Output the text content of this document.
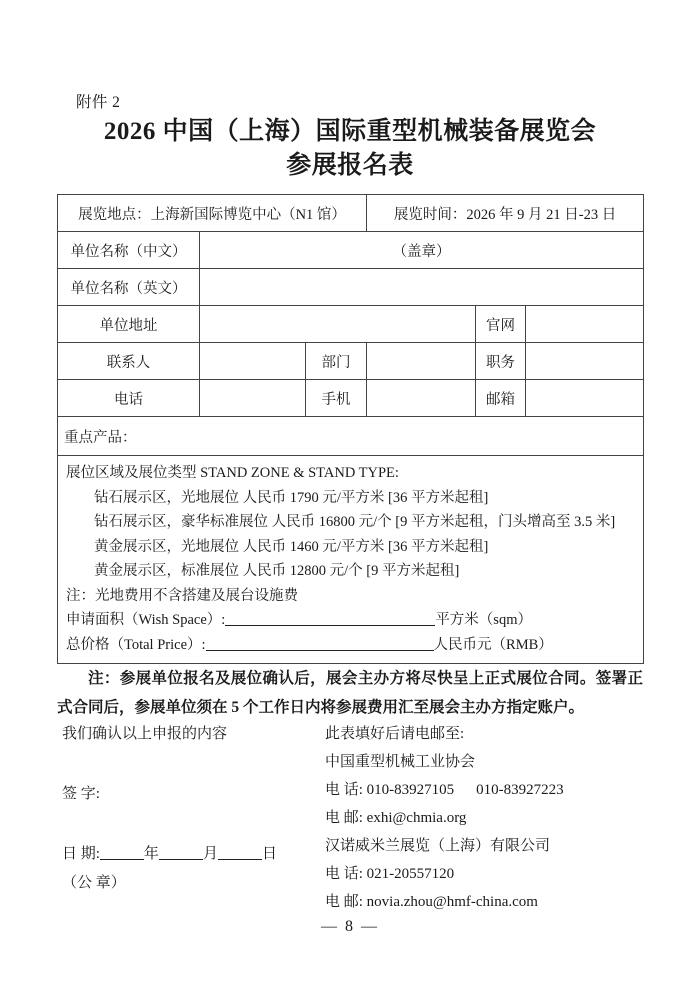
附件 2
2026 中国（上海）国际重型机械装备展览会
参展报名表
展览地点：上海新国际博览中心（N1 馆）			展览时间：2026 年 9 月 21 日-23 日		
单位名称（中文）	（盖章）				
单位名称（英文）					
单位地址				官网	
联系人		部门		职务	
电话		手机		邮箱	
重点产品：					

展位区域及展位类型 STAND ZONE & STAND TYPE:
钻石展示区，光地展位 人民币 1790 元/平方米 [36 平方米起租]
钻石展示区，豪华标准展位 人民币 16800 元/个 [9 平方米起租，门头增高至 3.5 米]
黄金展示区，光地展位 人民币 1460 元/平方米 [36 平方米起租]
黄金展示区，标准展位 人民币 12800 元/个 [9 平方米起租]
注：光地费用不含搭建及展台设施费
申请面积（Wish Space）:	平方米（sqm）
总价格（Total Price）:	人民币元（RMB）
注：参展单位报名及展位确认后，展会主办方将尽快呈上正式展位合同。签署正式合同后，参展单位须在 5 个工作日内将参展费用汇至展会主办方指定账户。
我们确认以上申报的内容
签 字:
日 期:	年	月	日
（公 章）
此表填好后请电邮至:
中国重型机械工业协会
电 话: 010-83927105 010-83927223
电 邮: exhi@chmia.org
汉诺威米兰展览（上海）有限公司
电 话: 021-20557120
电 邮: novia.zhou@hmf-china.com
— 8 —
